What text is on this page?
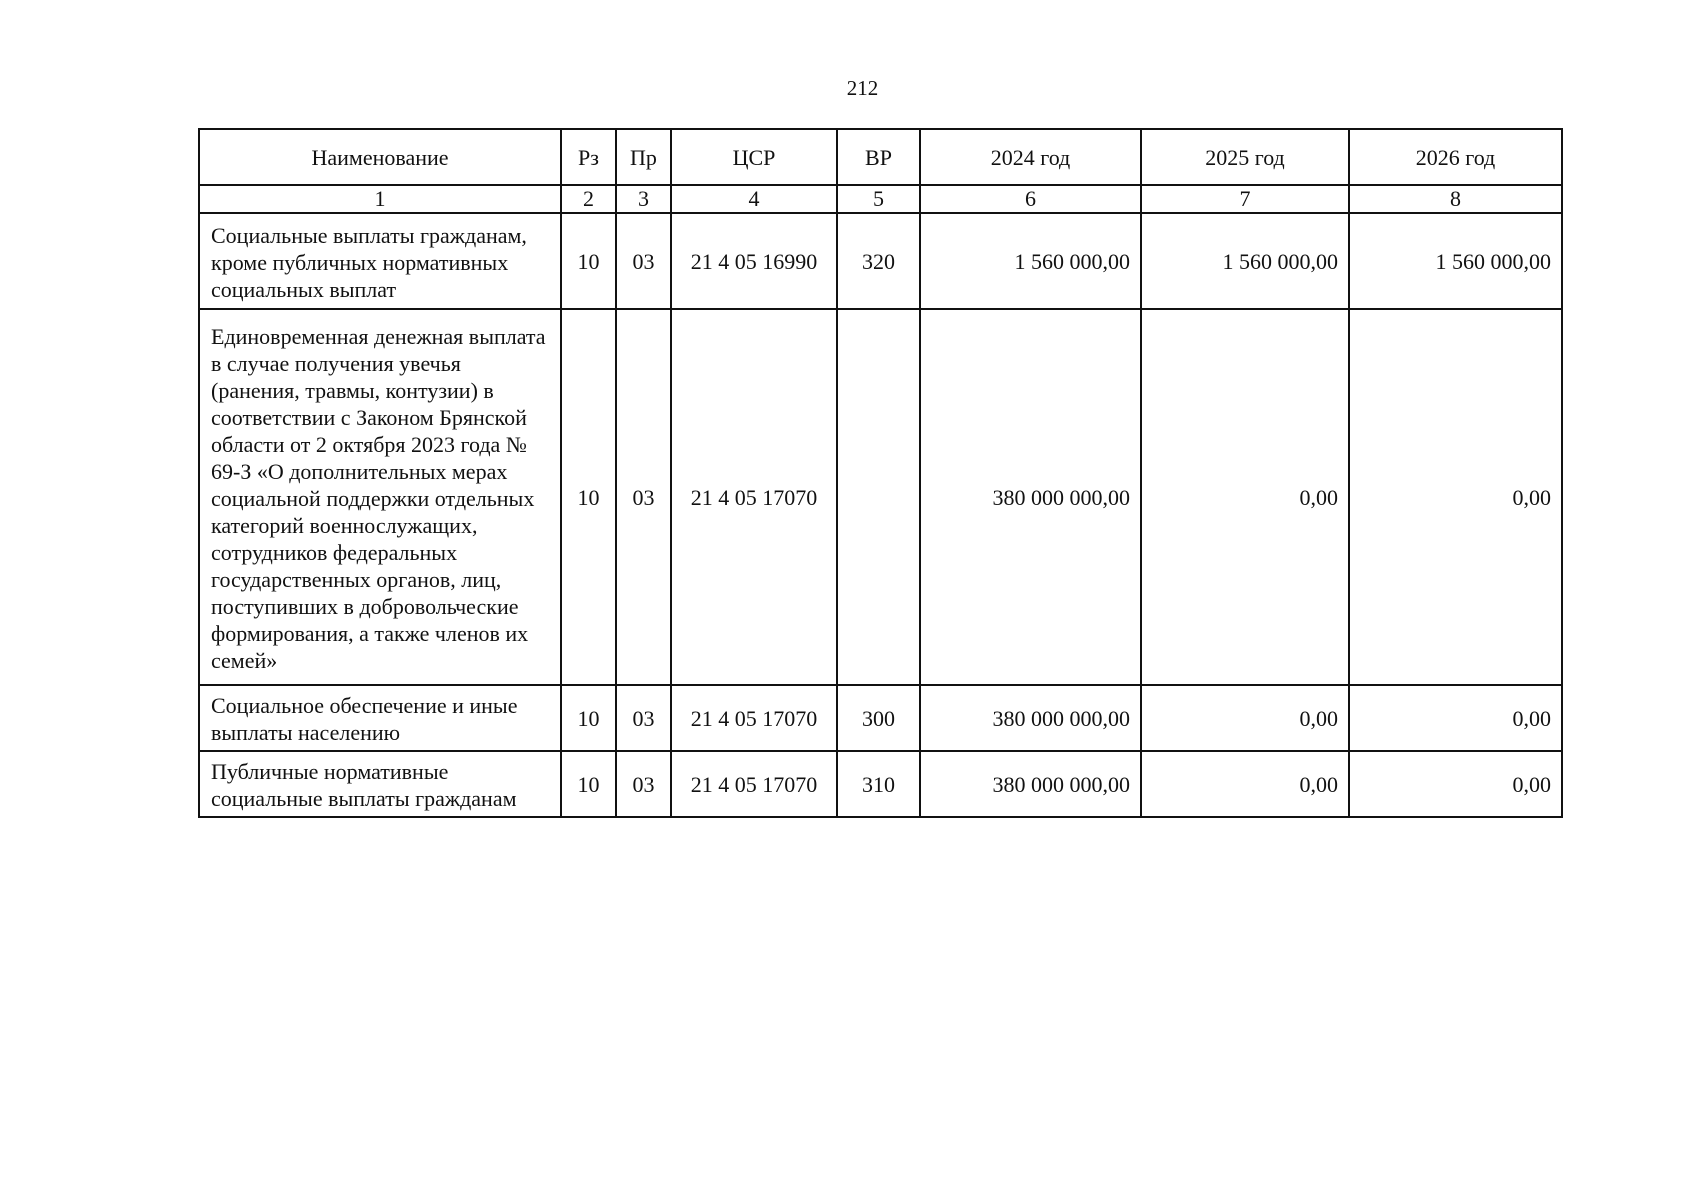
212
Наименование	Рз	Пр	ЦСР	ВР	2024 год	2025 год	2026 год
1	2	3	4	5	6	7	8
Социальные выплаты гражданам, кроме публичных нормативных социальных выплат	10	03	21 4 05 16990	320	1 560 000,00	1 560 000,00	1 560 000,00
Единовременная денежная выплата в случае получения увечья (ранения, травмы, контузии) в соответствии с Законом Брянской области от 2 октября 2023 года № 69-З «О дополнительных мерах социальной поддержки отдельных категорий военнослужащих, сотрудников федеральных государственных органов, лиц, поступивших в добровольческие формирования, а также членов их семей»	10	03	21 4 05 17070		380 000 000,00	0,00	0,00
Социальное обеспечение и иные выплаты населению	10	03	21 4 05 17070	300	380 000 000,00	0,00	0,00
Публичные нормативные социальные выплаты гражданам	10	03	21 4 05 17070	310	380 000 000,00	0,00	0,00
